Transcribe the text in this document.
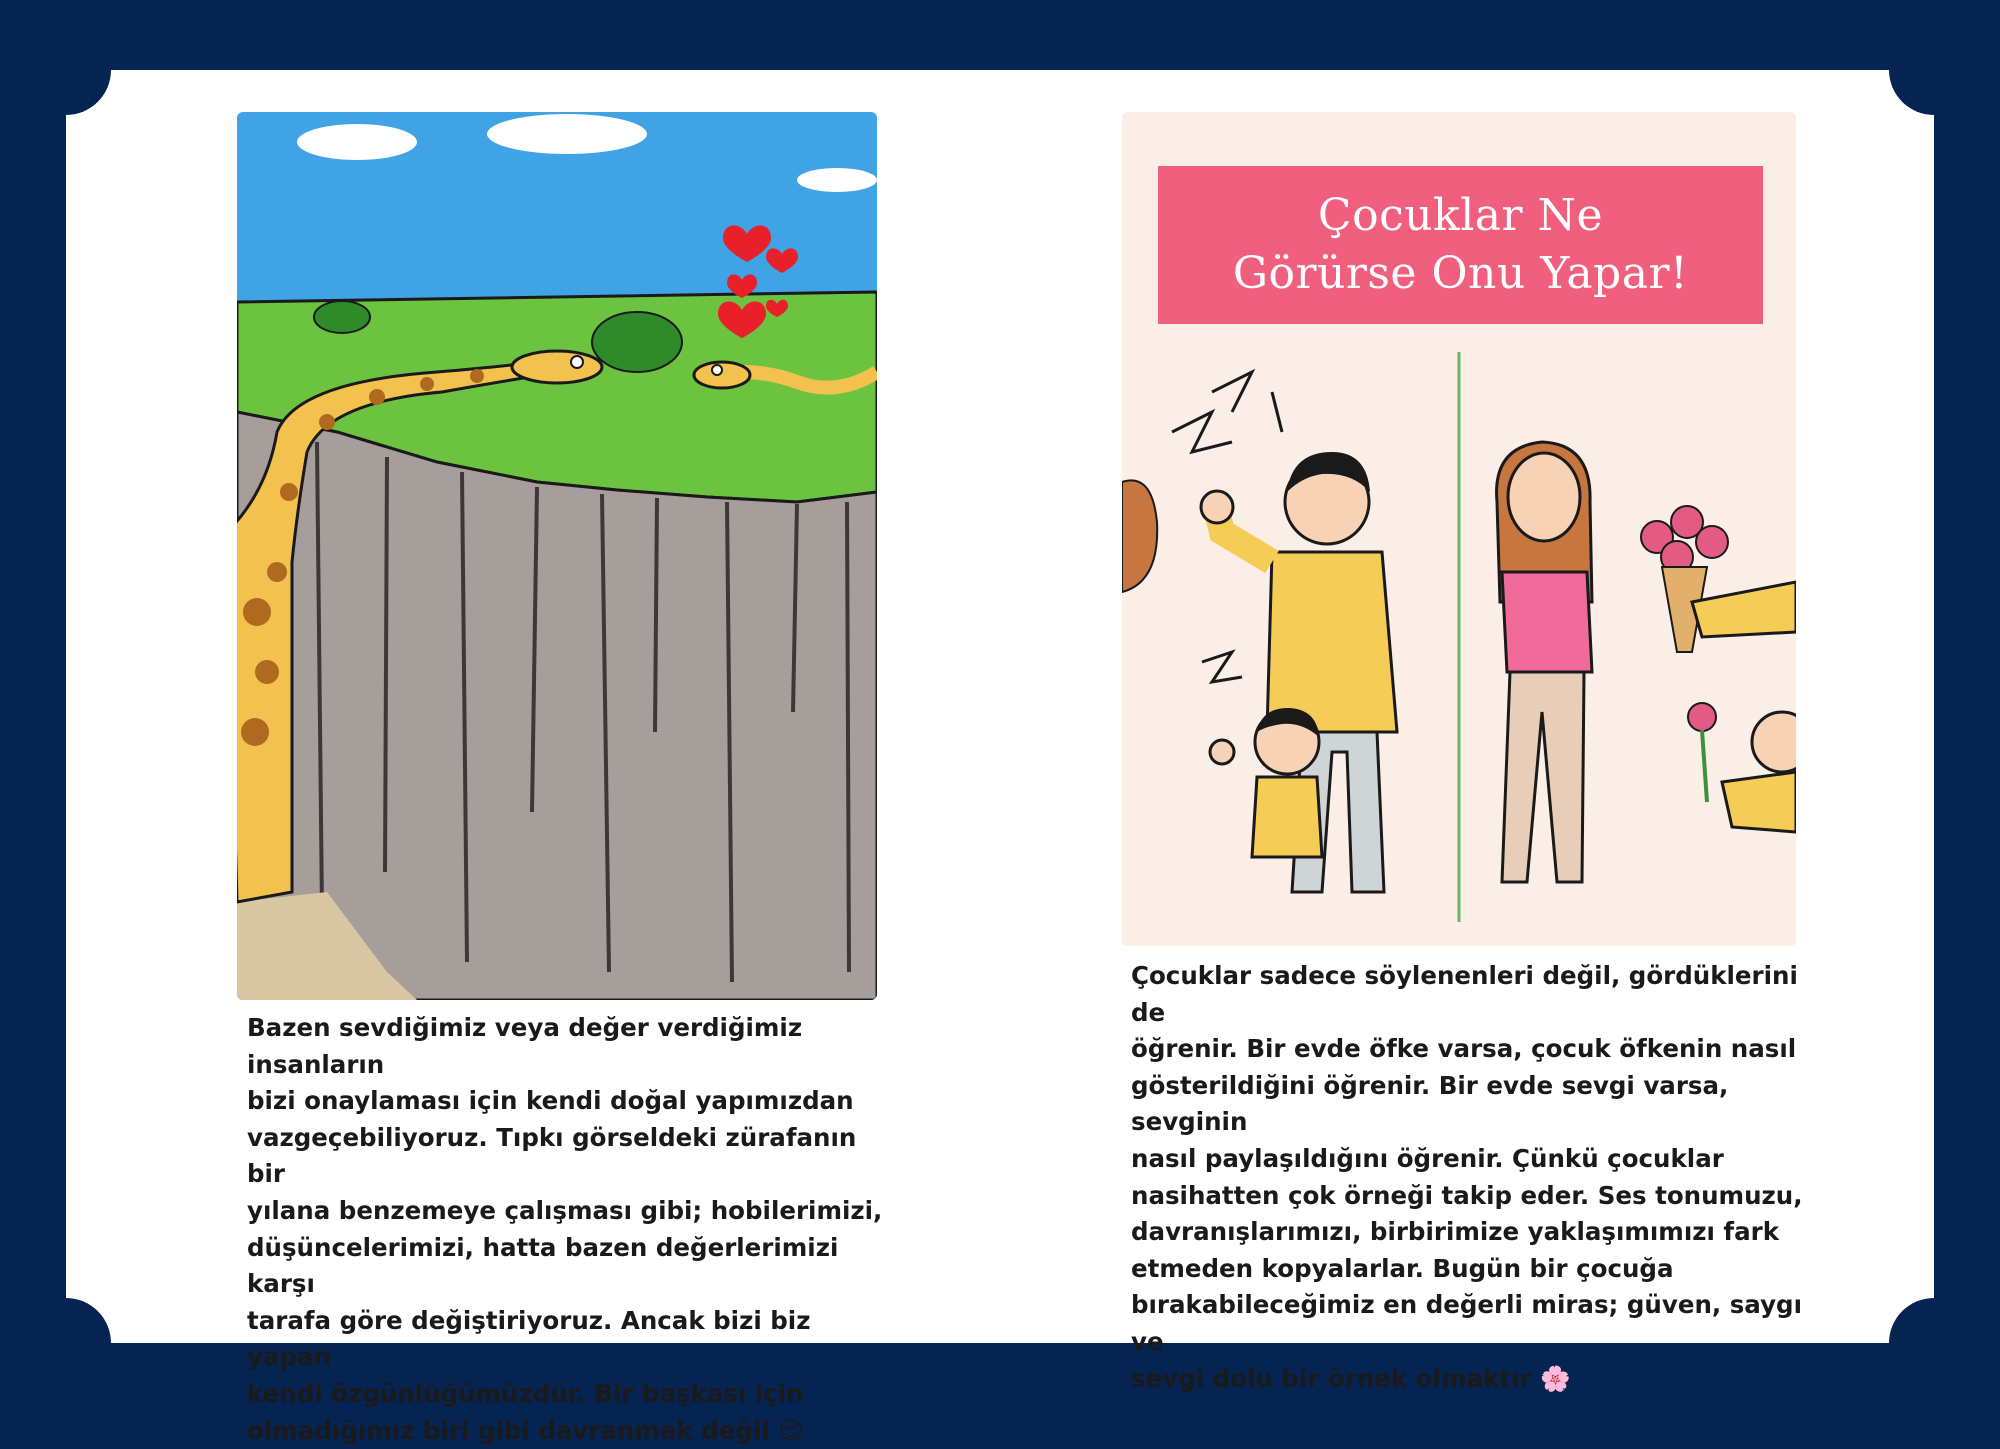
Bazen sevdiğimiz veya değer verdiğimiz insanların
bizi onaylaması için kendi doğal yapımızdan
vazgeçebiliyoruz. Tıpkı görseldeki zürafanın bir
yılana benzemeye çalışması gibi; hobilerimizi,
düşüncelerimizi, hatta bazen değerlerimizi karşı
tarafa göre değiştiriyoruz. Ancak bizi biz yapan
kendi özgünlüğümüzdür. Bir başkası için
olmadığımız biri gibi davranmak değil 😌

Çocuklar Ne
Görürse Onu Yapar!

Çocuklar sadece söylenenleri değil, gördüklerini de
öğrenir. Bir evde öfke varsa, çocuk öfkenin nasıl
gösterildiğini öğrenir. Bir evde sevgi varsa, sevginin
nasıl paylaşıldığını öğrenir. Çünkü çocuklar
nasihatten çok örneği takip eder. Ses tonumuzu,
davranışlarımızı, birbirimize yaklaşımımızı fark
etmeden kopyalarlar. Bugün bir çocuğa
bırakabileceğimiz en değerli miras; güven, saygı ve
sevgi dolu bir örnek olmaktır 🌸
